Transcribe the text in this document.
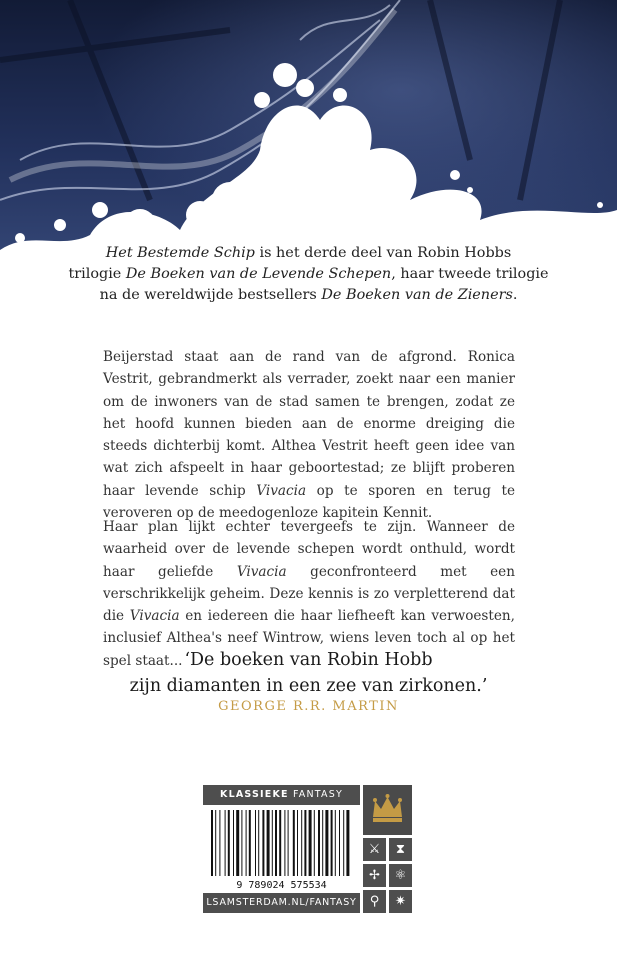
Het Bestemde Schip is het derde deel van Robin Hobbs
trilogie De Boeken van de Levende Schepen, haar tweede trilogie
na de wereldwijde bestsellers De Boeken van de Zieners.
Beijerstad staat aan de rand van de afgrond. Ronica Vestrit, gebrandmerkt als verrader, zoekt naar een manier om de inwoners van de stad samen te brengen, zodat ze het hoofd kunnen bieden aan de enorme dreiging die steeds dichterbij komt. Althea Vestrit heeft geen idee van wat zich afspeelt in haar geboortestad; ze blijft proberen haar levende schip Vivacia op te sporen en terug te veroveren op de meedogenloze kapitein Kennit.
Haar plan lijkt echter tevergeefs te zijn. Wanneer de waarheid over de levende schepen wordt onthuld, wordt haar geliefde Vivacia geconfronteerd met een verschrikkelijk geheim. Deze kennis is zo verpletterend dat die Vivacia en iedereen die haar liefheeft kan verwoesten, inclusief Althea's neef Wintrow, wiens leven toch al op het spel staat... ‘De boeken van Robin Hobb
zijn diamanten in een zee van zirkonen.’
GEORGE R.R. MARTIN
KLASSIEKE FANTASY
9 789024 575534
LSAMSTERDAM.NL/FANTASY
⚔	⧗
✢	⚛
⚲	✷
